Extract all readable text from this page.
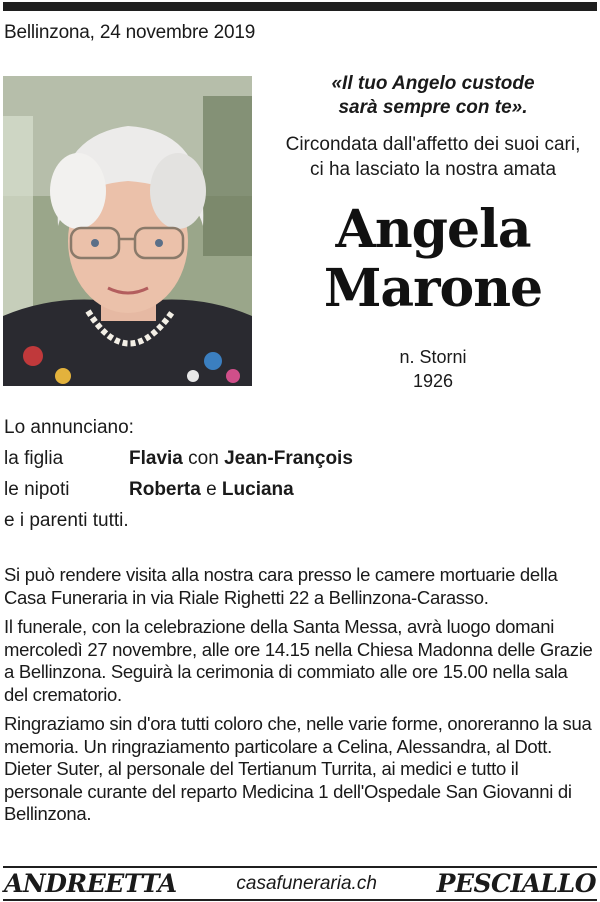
Bellinzona, 24 novembre 2019
«Il tuo Angelo custode
sarà sempre con te».
Circondata dall'affetto dei suoi cari,
ci ha lasciato la nostra amata
Angela
Marone
n. Storni
1926
Lo annunciano:
la figlia	Flavia con Jean-François
le nipoti	Roberta e Luciana
e i parenti tutti.

Si può rendere visita alla nostra cara presso le camere mortuarie della Casa Funeraria in via Riale Righetti 22 a Bellinzona-Carasso.

Il funerale, con la celebrazione della Santa Messa, avrà luogo domani mercoledì 27 novembre, alle ore 14.15 nella Chiesa Madonna delle Grazie a Bellinzona. Seguirà la cerimonia di commiato alle ore 15.00 nella sala del crematorio.

Ringraziamo sin d'ora tutti coloro che, nelle varie forme, onoreranno la sua memoria. Un ringraziamento particolare a Celina, Alessandra, al Dott. Dieter Suter, al personale del Tertianum Turrita, ai medici e tutto il personale curante del reparto Medicina 1 dell'Ospedale San Giovanni di Bellinzona.

ANDREETTA	casafuneraria.ch PESCIALLO
